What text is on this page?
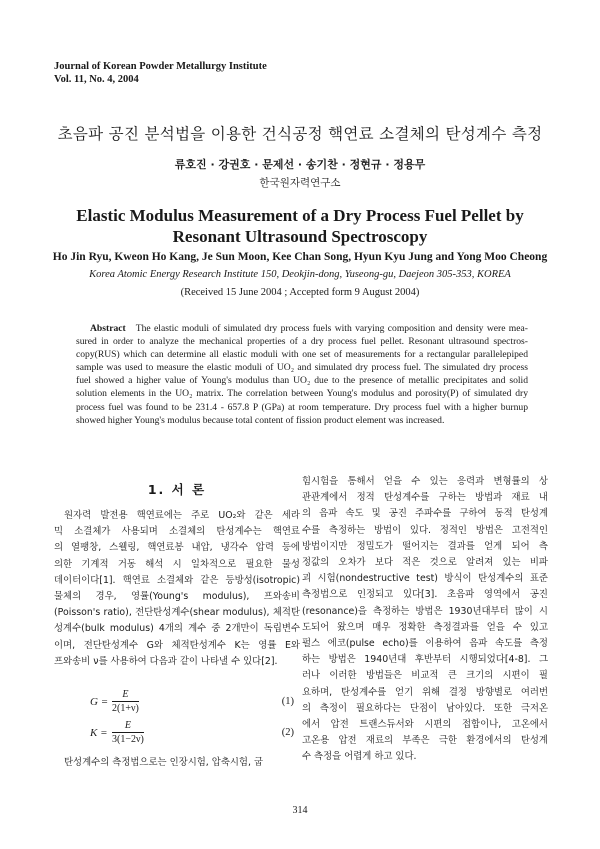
Journal of Korean Powder Metallurgy Institute
Vol. 11, No. 4, 2004
초음파 공진 분석법을 이용한 건식공정 핵연료 소결체의 탄성계수 측정
류호진 · 강권호 · 문제선 · 송기찬 · 정현규 · 정용무
한국원자력연구소
Elastic Modulus Measurement of a Dry Process Fuel Pellet by
Resonant Ultrasound Spectroscopy
Ho Jin Ryu, Kweon Ho Kang, Je Sun Moon, Kee Chan Song, Hyun Kyu Jung and Yong Moo Cheong
Korea Atomic Energy Research Institute 150, Deokjin-dong, Yuseong-gu, Daejeon 305-353, KOREA
(Received 15 June 2004 ; Accepted form 9 August 2004)
Abstract The elastic moduli of simulated dry process fuels with varying composition and density were mea-
sured in order to analyze the mechanical properties of a dry process fuel pellet. Resonant ultrasound spectros-
copy(RUS) which can determine all elastic moduli with one set of measurements for a rectangular parallelepiped
sample was used to measure the elastic moduli of UO₂ and simulated dry process fuel. The simulated dry process
fuel showed a higher value of Young's modulus than UO₂ due to the presence of metallic precipitates and solid
solution elements in the UO₂ matrix. The correlation between Young's modulus and porosity(P) of simulated dry
process fuel was found to be 231.4 - 657.8 P (GPa) at room temperature. Dry process fuel with a higher burnup
showed higher Young's modulus because total content of fission product element was increased.
1. 서 론
원자력 발전용 핵연료에는 주로 UO₂와 같은 세라
믹 소결체가 사용되며 소결체의 탄성계수는 핵연료
의 열팽창, 스웰링, 핵연료봉 내압, 냉각수 압력 등에
의한 기계적 거동 해석 시 일차적으로 필요한 물성
데이터이다[1]. 핵연료 소결체와 같은 등방성(isotropic)
물체의 경우, 영률(Young's modulus), 프와송비
(Poisson's ratio), 전단탄성계수(shear modulus), 체적탄
성계수(bulk modulus) 4개의 계수 중 2개만이 독립변수
이며, 전단탄성계수 G와 체적탄성계수 K는 영률 E와
프와송비 ν를 사용하여 다음과 같이 나타낼 수 있다[2].
$G = \frac{E}{2(1+\nu)}$	(1)
$K = \frac{E}{3(1-2\nu)}$	(2)
탄성계수의 측정법으로는 인장시험, 압축시험, 굽
힘시험을 통해서 얻을 수 있는 응력과 변형률의 상
관관계에서 정적 탄성계수를 구하는 방법과 재료 내
의 음파 속도 및 공진 주파수를 구하여 동적 탄성계
수를 측정하는 방법이 있다. 정적인 방법은 고전적인
방법이지만 정밀도가 떨어지는 결과를 얻게 되어 측
정값의 오차가 보다 적은 것으로 알려져 있는 비파
괴 시험(nondestructive test) 방식이 탄성계수의 표준
측정법으로 인정되고 있다[3]. 초음파 영역에서 공진
(resonance)을 측정하는 방법은 1930년대부터 많이 시
도되어 왔으며 매우 정확한 측정결과를 얻을 수 있고
펄스 에코(pulse echo)를 이용하여 음파 속도를 측정
하는 방법은 1940년대 후반부터 시행되었다[4-8]. 그
러나 이러한 방법들은 비교적 큰 크기의 시편이 필
요하며, 탄성계수를 얻기 위해 결정 방향별로 여러번
의 측정이 필요하다는 단점이 남아있다. 또한 극저온
에서 압전 트랜스듀서와 시편의 접합이나, 고온에서
고온용 압전 재료의 부족은 극한 환경에서의 탄성계
수 측정을 어렵게 하고 있다.
314
